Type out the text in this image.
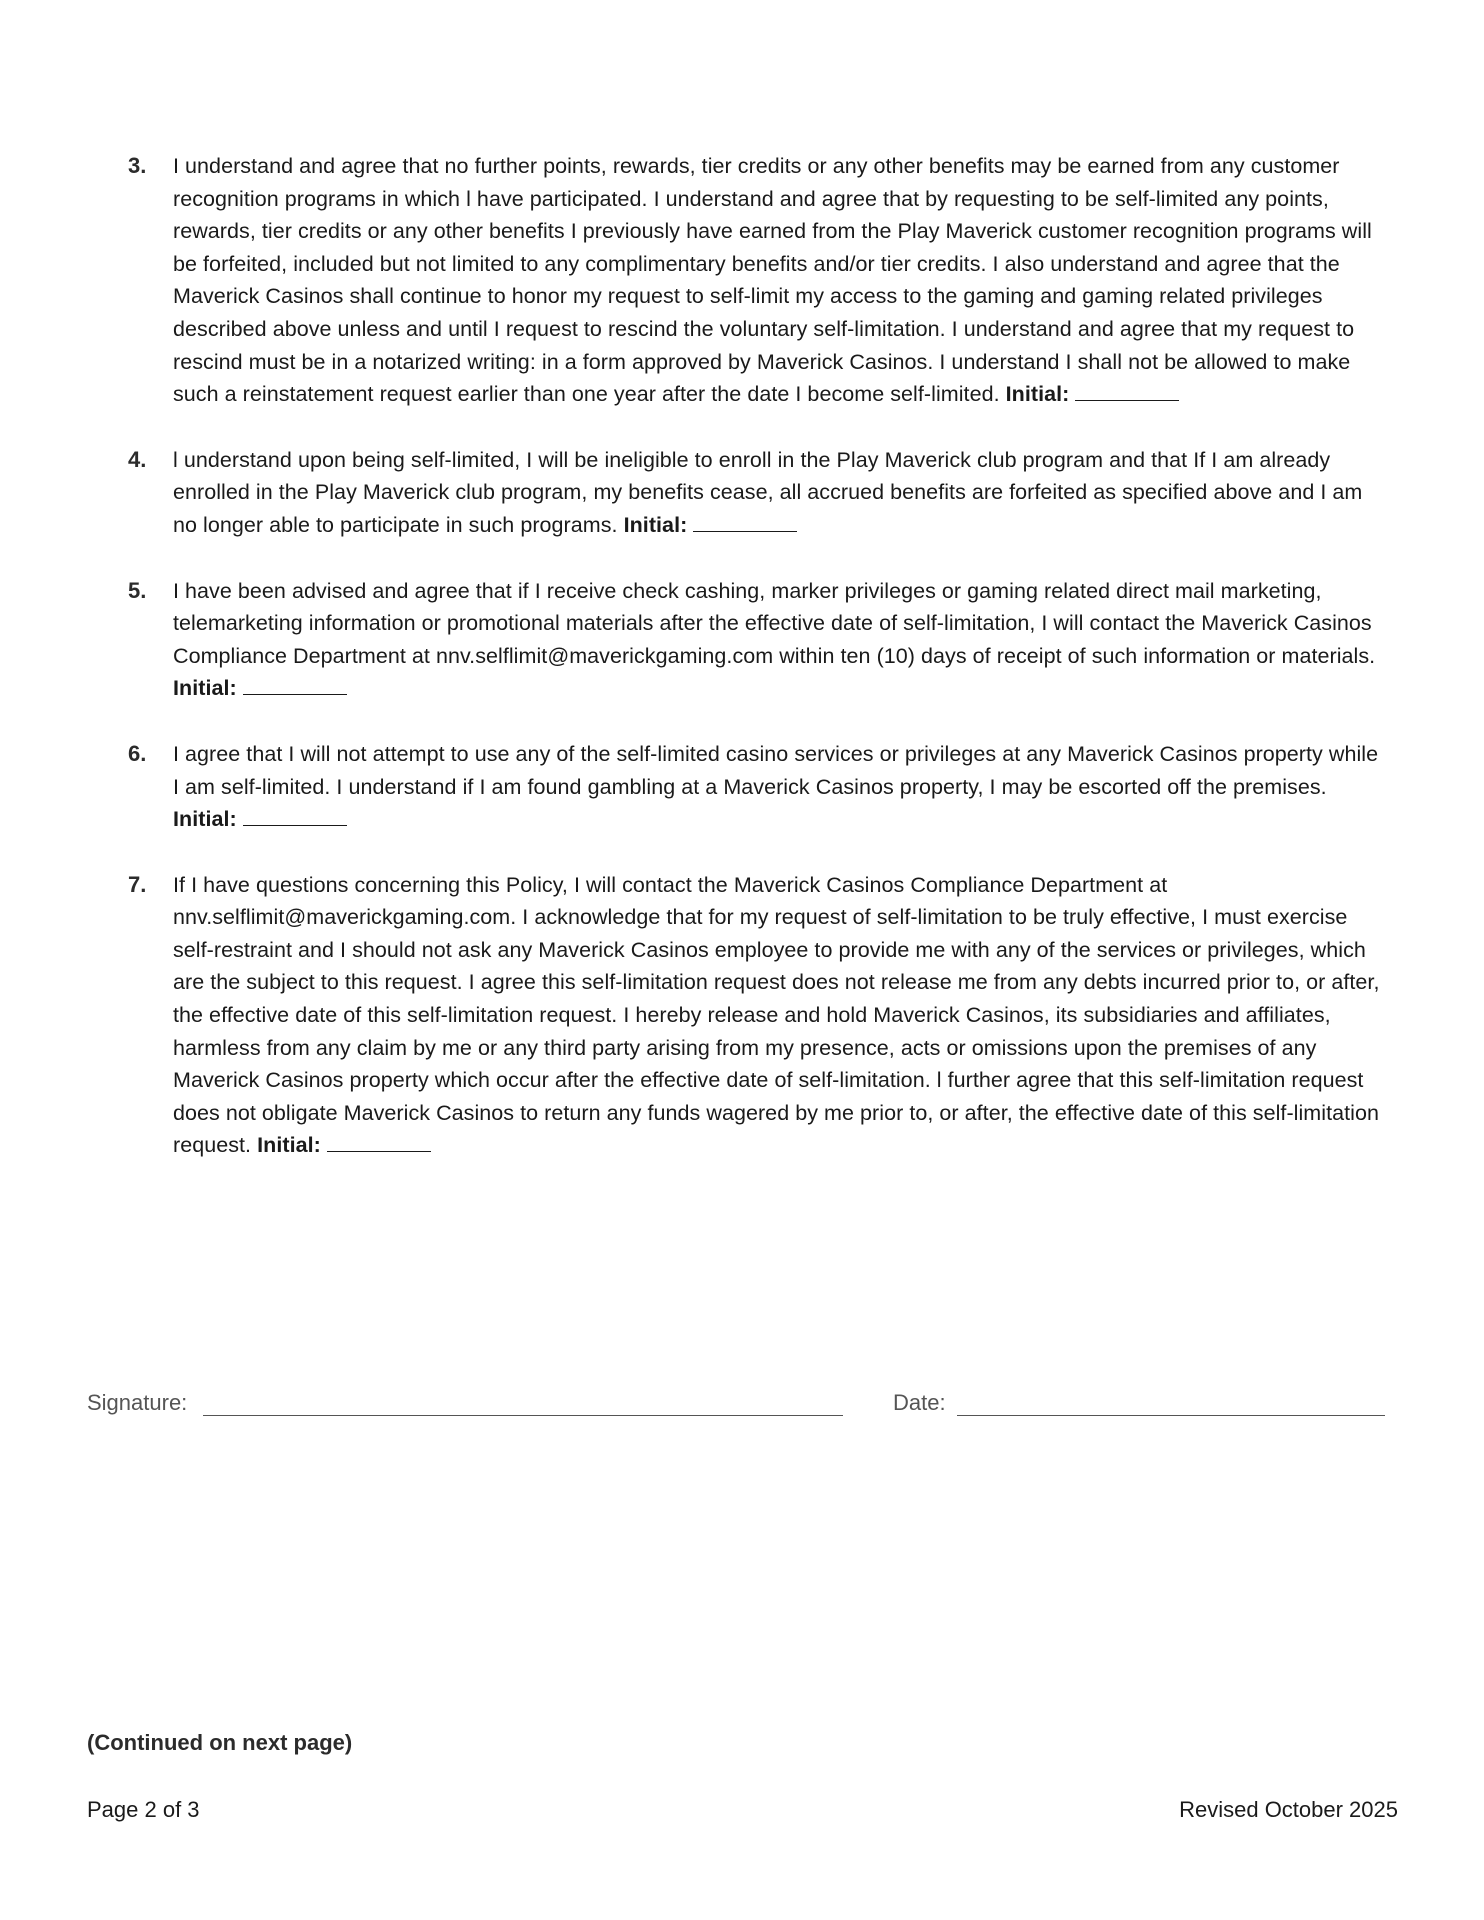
3.	I understand and agree that no further points, rewards, tier credits or any other benefits may be earned from any customer recognition programs in which l have participated. I understand and agree that by requesting to be self-limited any points, rewards, tier credits or any other benefits I previously have earned from the Play Maverick customer recognition programs will be forfeited, included but not limited to any complimentary benefits and/or tier credits. I also understand and agree that the Maverick Casinos shall continue to honor my request to self-limit my access to the gaming and gaming related privileges described above unless and until I request to rescind the voluntary self-limitation. I understand and agree that my request to rescind must be in a notarized writing: in a form approved by Maverick Casinos. I understand I shall not be allowed to make such a reinstatement request earlier than one year after the date I become self-limited. Initial:
4.	l understand upon being self-limited, I will be ineligible to enroll in the Play Maverick club program and that If I am already enrolled in the Play Maverick club program, my benefits cease, all accrued benefits are forfeited as specified above and I am no longer able to participate in such programs. Initial:
5.	I have been advised and agree that if I receive check cashing, marker privileges or gaming related direct mail marketing, telemarketing information or promotional materials after the effective date of self-limitation, I will contact the Maverick Casinos Compliance Department at nnv.selflimit@maverickgaming.com within ten (10) days of receipt of such information or materials. Initial:
6.	I agree that I will not attempt to use any of the self-limited casino services or privileges at any Maverick Casinos property while I am self-limited. I understand if I am found gambling at a Maverick Casinos property, I may be escorted off the premises. Initial:
7.	If I have questions concerning this Policy, I will contact the Maverick Casinos Compliance Department at nnv.selflimit@maverickgaming.com. I acknowledge that for my request of self-limitation to be truly effective, I must exercise self-restraint and I should not ask any Maverick Casinos employee to provide me with any of the services or privileges, which are the subject to this request. I agree this self-limitation request does not release me from any debts incurred prior to, or after, the effective date of this self-limitation request. I hereby release and hold Maverick Casinos, its subsidiaries and affiliates, harmless from any claim by me or any third party arising from my presence, acts or omissions upon the premises of any Maverick Casinos property which occur after the effective date of self-limitation. l further agree that this self-limitation request does not obligate Maverick Casinos to return any funds wagered by me prior to, or after, the effective date of this self-limitation request. Initial:
Signature:	Date:
(Continued on next page)
Page 2 of 3	Revised October 2025
